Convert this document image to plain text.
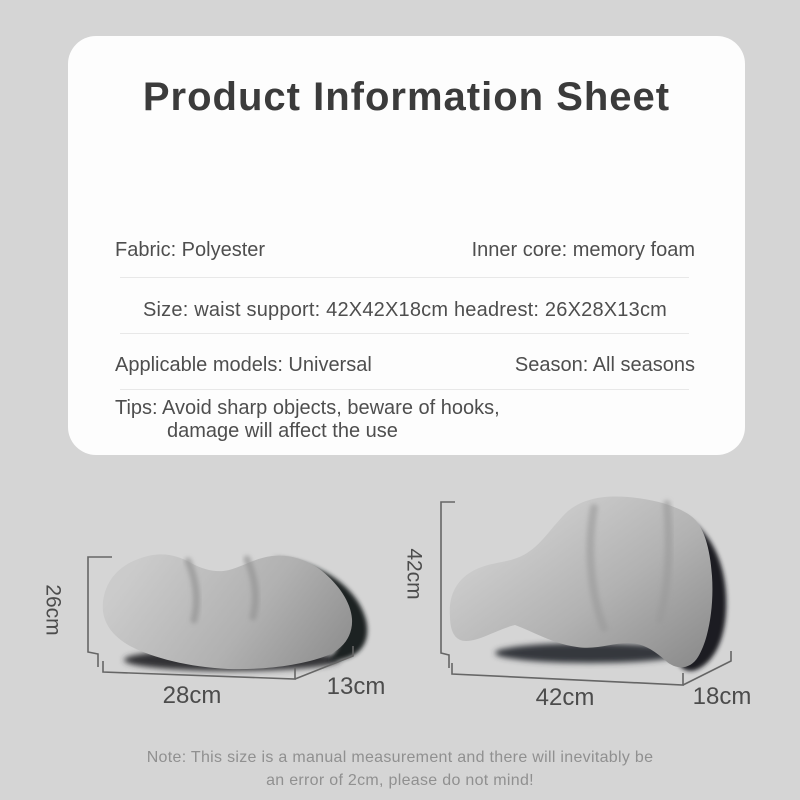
Product Information Sheet
Fabric: Polyester	Inner core: memory foam
Size: waist support: 42X42X18cm headrest: 26X28X13cm
Applicable models: Universal	Season: All seasons
Tips: Avoid sharp objects, beware of hooks,
damage will affect the use
26cm
28cm	13cm
42cm
42cm	18cm
Note: This size is a manual measurement and there will inevitably be
an error of 2cm, please do not mind!
